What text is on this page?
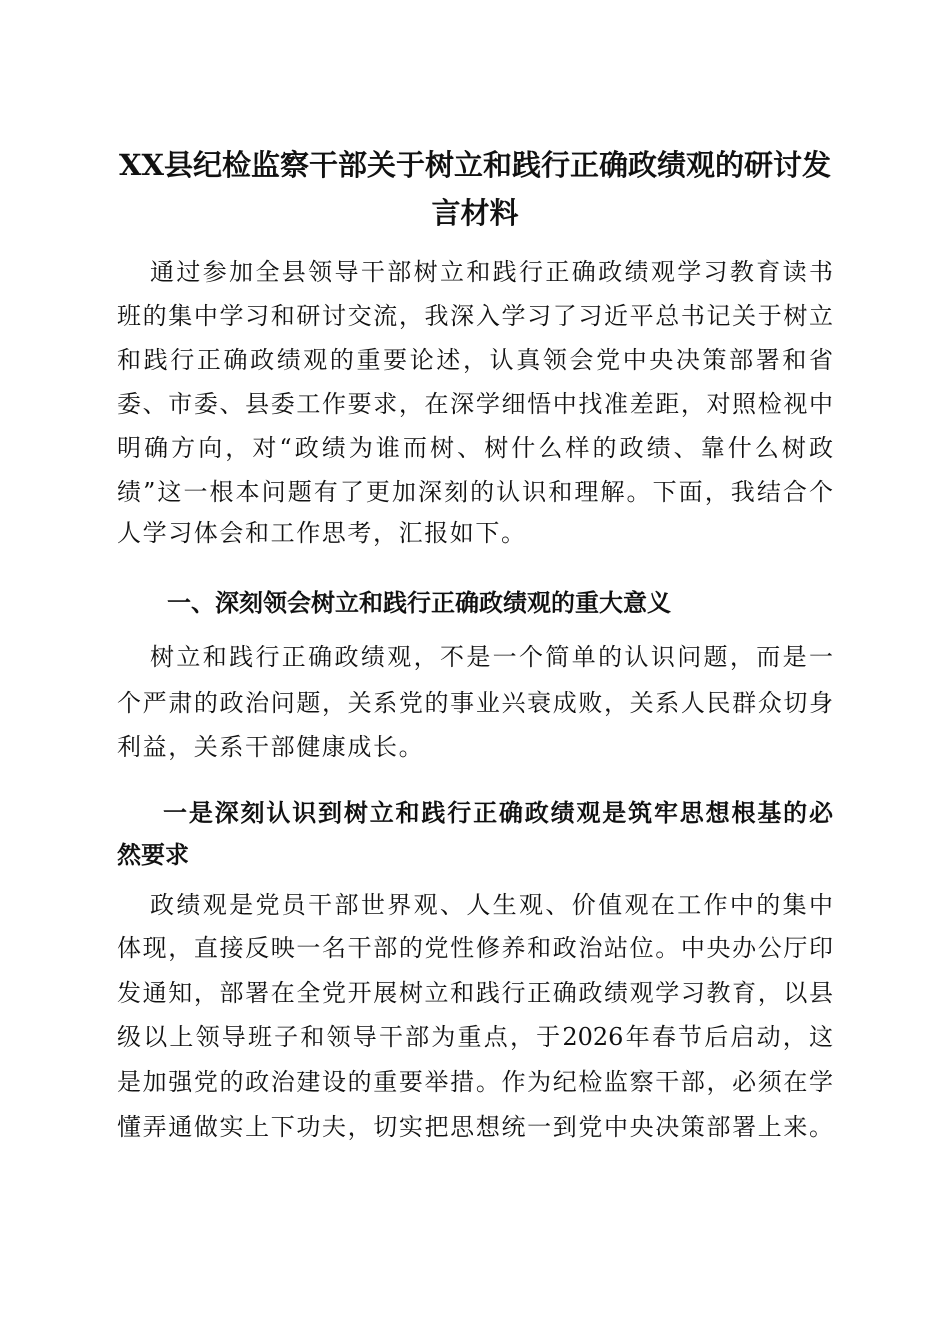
XX县纪检监察干部关于树立和践行正确政绩观的研讨发
言材料
通过参加全县领导干部树立和践行正确政绩观学习教育读书
班的集中学习和研讨交流，我深入学习了习近平总书记关于树立
和践行正确政绩观的重要论述，认真领会党中央决策部署和省
委、市委、县委工作要求，在深学细悟中找准差距，对照检视中
明确方向，对“政绩为谁而树、树什么样的政绩、靠什么树政
绩”这一根本问题有了更加深刻的认识和理解。下面，我结合个
人学习体会和工作思考，汇报如下。
一、深刻领会树立和践行正确政绩观的重大意义
树立和践行正确政绩观，不是一个简单的认识问题，而是一
个严肃的政治问题，关系党的事业兴衰成败，关系人民群众切身
利益，关系干部健康成长。
一是深刻认识到树立和践行正确政绩观是筑牢思想根基的必
然要求
政绩观是党员干部世界观、人生观、价值观在工作中的集中
体现，直接反映一名干部的党性修养和政治站位。中央办公厅印
发通知，部署在全党开展树立和践行正确政绩观学习教育，以县
级以上领导班子和领导干部为重点，于2026年春节后启动，这
是加强党的政治建设的重要举措。作为纪检监察干部，必须在学
懂弄通做实上下功夫，切实把思想统一到党中央决策部署上来。
